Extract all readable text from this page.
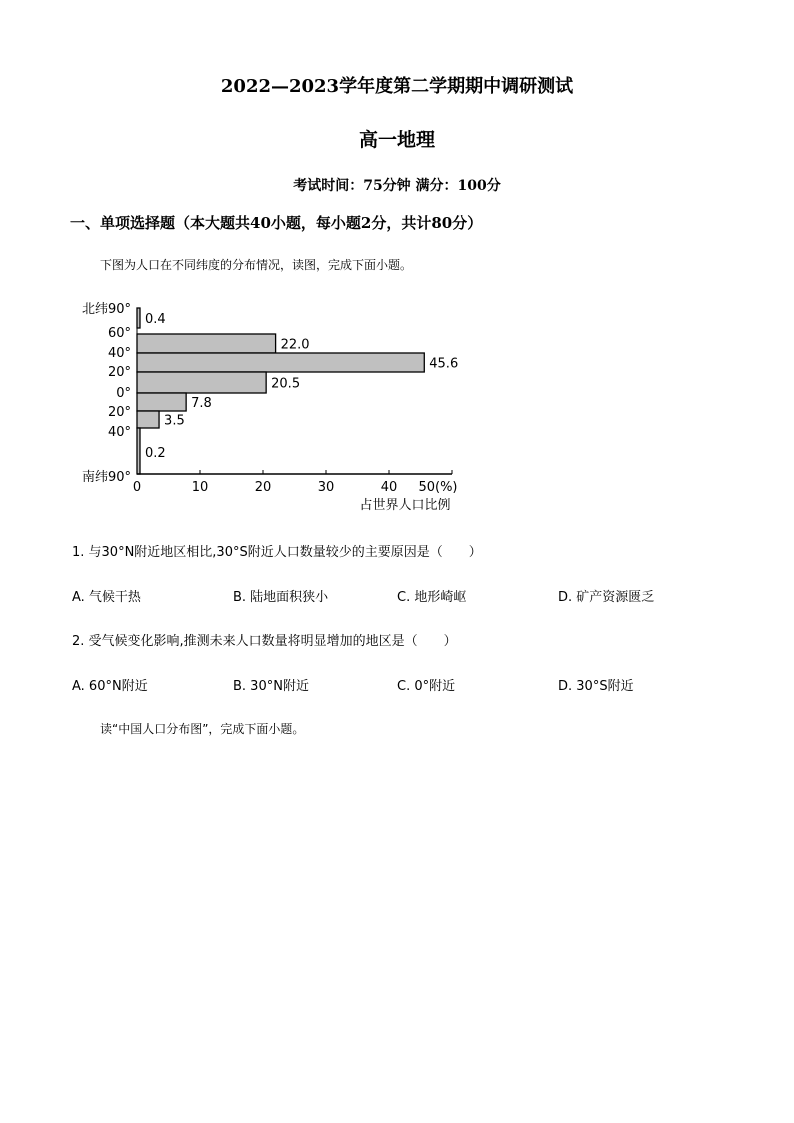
2022—2023学年度第二学期期中调研测试
高一地理
考试时间：75分钟 满分：100分
一、单项选择题（本大题共40小题，每小题2分，共计80分）
下图为人口在不同纬度的分布情况，读图，完成下面小题。
北纬90°
60°
40°
20°
0°
20°
40°
南纬90°
0.4
22.0
45.6
20.5
7.8
3.5
0.2
0	10	20	30	40 50(%)
占世界人口比例
1. 与30°N附近地区相比,30°S附近人口数量较少的主要原因是（　　）
A. 气候干热	B. 陆地面积狭小	C. 地形崎岖	D. 矿产资源匮乏
2. 受气候变化影响,推测未来人口数量将明显增加的地区是（　　）
A. 60°N附近	B. 30°N附近	C. 0°附近	D. 30°S附近
读“中国人口分布图”，完成下面小题。
